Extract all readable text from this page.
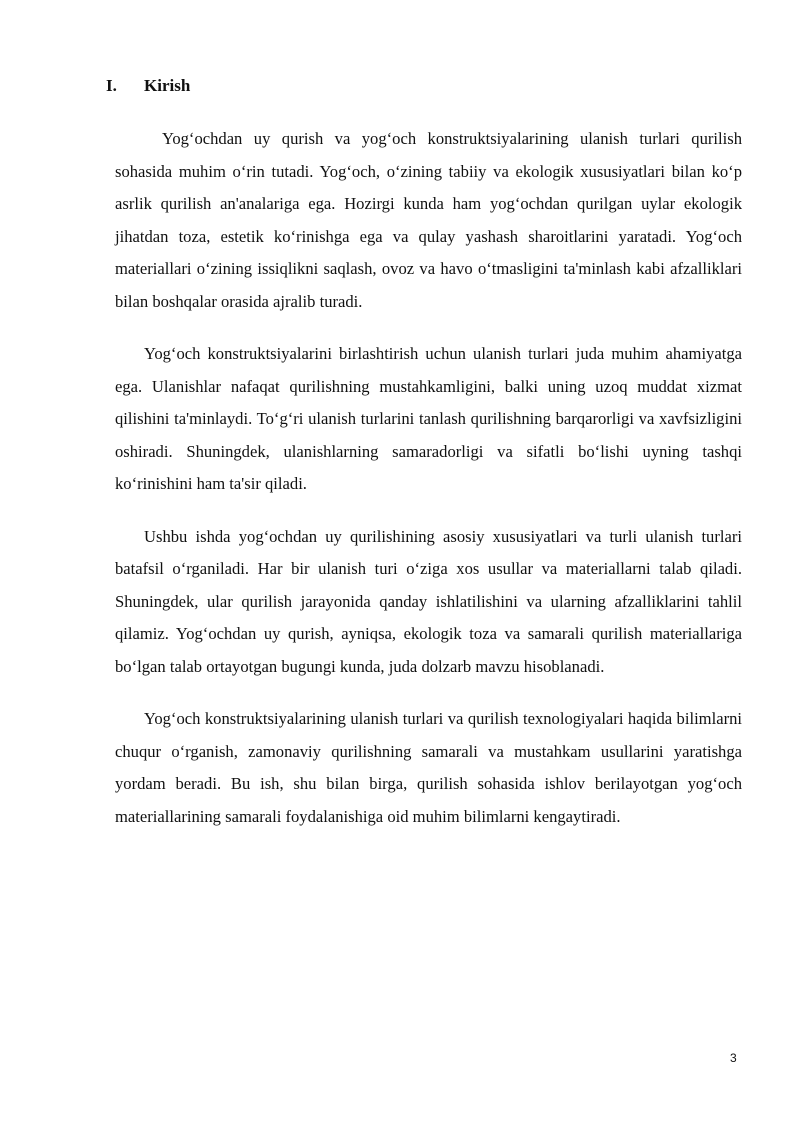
I.	Kirish

Yog‘ochdan uy qurish va yog‘och konstruktsiyalarining ulanish turlari qurilish sohasida muhim o‘rin tutadi. Yog‘och, o‘zining tabiiy va ekologik xususiyatlari bilan ko‘p asrlik qurilish an'analariga ega. Hozirgi kunda ham yog‘ochdan qurilgan uylar ekologik jihatdan toza, estetik ko‘rinishga ega va qulay yashash sharoitlarini yaratadi. Yog‘och materiallari o‘zining issiqlikni saqlash, ovoz va havo o‘tmasligini ta'minlash kabi afzalliklari bilan boshqalar orasida ajralib turadi.

Yog‘och konstruktsiyalarini birlashtirish uchun ulanish turlari juda muhim ahamiyatga ega. Ulanishlar nafaqat qurilishning mustahkamligini, balki uning uzoq muddat xizmat qilishini ta'minlaydi. To‘g‘ri ulanish turlarini tanlash qurilishning barqarorligi va xavfsizligini oshiradi. Shuningdek, ulanishlarning samaradorligi va sifatli bo‘lishi uyning tashqi ko‘rinishini ham ta'sir qiladi.

Ushbu ishda yog‘ochdan uy qurilishining asosiy xususiyatlari va turli ulanish turlari batafsil o‘rganiladi. Har bir ulanish turi o‘ziga xos usullar va materiallarni talab qiladi. Shuningdek, ular qurilish jarayonida qanday ishlatilishini va ularning afzalliklarini tahlil qilamiz. Yog‘ochdan uy qurish, ayniqsa, ekologik toza va samarali qurilish materiallariga bo‘lgan talab ortayotgan bugungi kunda, juda dolzarb mavzu hisoblanadi.

Yog‘och konstruktsiyalarining ulanish turlari va qurilish texnologiyalari haqida bilimlarni chuqur o‘rganish, zamonaviy qurilishning samarali va mustahkam usullarini yaratishga yordam beradi. Bu ish, shu bilan birga, qurilish sohasida ishlov berilayotgan yog‘och materiallarining samarali foydalanishiga oid muhim bilimlarni kengaytiradi.

3
